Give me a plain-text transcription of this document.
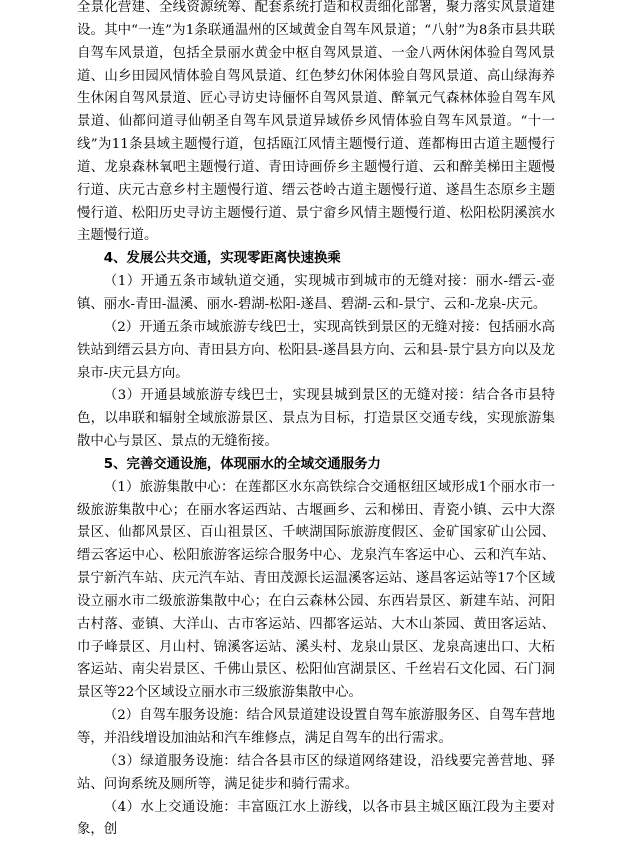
全景化营建、全线资源统筹、配套系统打造和权责细化部署，聚力落实风景道建设。其中“一连”为1条联通温州的区域黄金自驾车风景道；“八射”为8条市县共联自驾车风景道，包括全景丽水黄金中枢自驾风景道、一金八两休闲体验自驾风景道、山乡田园风情体验自驾风景道、红色梦幻休闲体验自驾风景道、高山绿海养生休闲自驾风景道、匠心寻访史诗俪怀自驾风景道、醉氧元气森林体验自驾车风景道、仙都问道寻仙朝圣自驾车风景道异域侨乡风情体验自驾车风景道。“十一线”为11条县域主题慢行道，包括瓯江风情主题慢行道、莲都梅田古道主题慢行道、龙泉森林氧吧主题慢行道、青田诗画侨乡主题慢行道、云和醉美梯田主题慢行道、庆元古意乡村主题慢行道、缙云苍岭古道主题慢行道、遂昌生态原乡主题慢行道、松阳历史寻访主题慢行道、景宁畲乡风情主题慢行道、松阳松阴溪滨水主题慢行道。

4、发展公共交通，实现零距离快速换乘

（1）开通五条市域轨道交通，实现城市到城市的无缝对接：丽水-缙云-壶镇、丽水-青田-温溪、丽水-碧湖-松阳-遂昌、碧湖-云和-景宁、云和-龙泉-庆元。

（2）开通五条市域旅游专线巴士，实现高铁到景区的无缝对接：包括丽水高铁站到缙云县方向、青田县方向、松阳县-遂昌县方向、云和县-景宁县方向以及龙泉市-庆元县方向。

（3）开通县域旅游专线巴士，实现县城到景区的无缝对接：结合各市县特色，以串联和辐射全域旅游景区、景点为目标，打造景区交通专线，实现旅游集散中心与景区、景点的无缝衔接。

5、完善交通设施，体现丽水的全域交通服务力

（1）旅游集散中心：在莲都区水东高铁综合交通枢纽区域形成1个丽水市一级旅游集散中心；在丽水客运西站、古堰画乡、云和梯田、青瓷小镇、云中大漈景区、仙都风景区、百山祖景区、千峡湖国际旅游度假区、金矿国家矿山公园、缙云客运中心、松阳旅游客运综合服务中心、龙泉汽车客运中心、云和汽车站、景宁新汽车站、庆元汽车站、青田茂源长运温溪客运站、遂昌客运站等17个区域设立丽水市二级旅游集散中心；在白云森林公园、东西岩景区、新建车站、河阳古村落、壶镇、大洋山、古市客运站、四都客运站、大木山茶园、黄田客运站、巾子峰景区、月山村、锦溪客运站、溪头村、龙泉山景区、龙泉高速出口、大柘客运站、南尖岩景区、千佛山景区、松阳仙宫湖景区、千丝岩石文化园、石门洞景区等22个区域设立丽水市三级旅游集散中心。

（2）自驾车服务设施：结合风景道建设设置自驾车旅游服务区、自驾车营地等，并沿线增设加油站和汽车维修点，满足自驾车的出行需求。

（3）绿道服务设施：结合各县市区的绿道网络建设，沿线要完善营地、驿站、问询系统及厕所等，满足徒步和骑行需求。

（4）水上交通设施：丰富瓯江水上游线，以各市县主城区瓯江段为主要对象，创
